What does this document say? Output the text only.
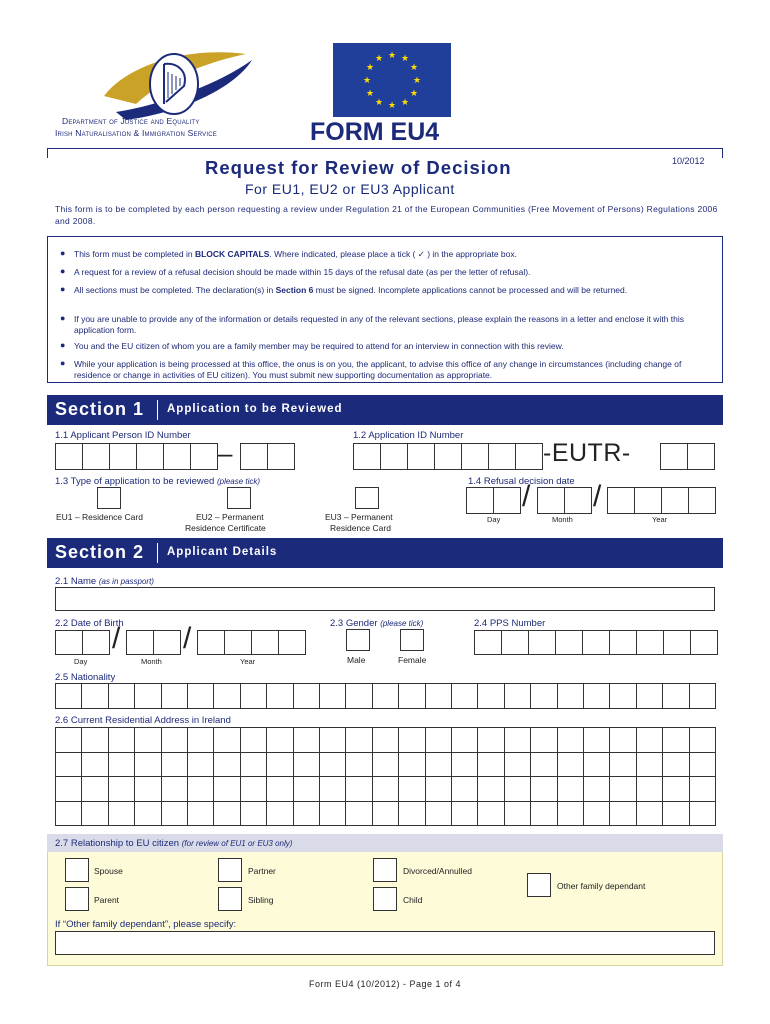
Department of Justice and Equality
Irish Naturalisation & Immigration Service
★ ★
★
★
★
★
★
★
★
★
★
★
FORM EU4
10/2012
Request for Review of Decision
For EU1, EU2 or EU3 Applicant
This form is to be completed by each person requesting a review under Regulation 21 of the European Communities (Free Movement of Persons) Regulations 2006 and 2008.
● This form must be completed in BLOCK CAPITALS. Where indicated, please place a tick ( ✓ ) in the appropriate box.
● A request for a review of a refusal decision should be made within 15 days of the refusal date (as per the letter of refusal).
● All sections must be completed. The declaration(s) in Section 6 must be signed. Incomplete applications cannot be processed and will be returned.
● If you are unable to provide any of the information or details requested in any of the relevant sections, please explain the reasons in a letter and enclose it with this application form.
● You and the EU citizen of whom you are a family member may be required to attend for an interview in connection with this review.
● While your application is being processed at this office, the onus is on you, the applicant, to advise this office of any change in circumstances (including change of residence or change in activities of EU citizen). You must submit new supporting documentation as appropriate.
Section 1 Application to be Reviewed
1.1 Applicant Person ID Number	1.2 Application ID Number
–	-EUTR-
1.3 Type of application to be reviewed (please tick)	1.4 Refusal decision date
EU1 – Residence Card	EU2 – Permanent
Residence Certificate
EU3 – Permanent
Residence Card
/ /
Day	Month	Year
Section 2 Applicant Details
2.1 Name (as in passport)
2.2 Date of Birth	2.3 Gender (please tick)	2.4 PPS Number
/ /
Day	Month	Year	Male	Female
2.5 Nationality
2.6 Current Residential Address in Ireland
2.7 Relationship to EU citizen (for review of EU1 or EU3 only)
Spouse	Partner	Divorced/Annulled
Other family dependant
Parent	Sibling	Child
If “Other family dependant”, please specify:
Form EU4 (10/2012) - Page 1 of 4
